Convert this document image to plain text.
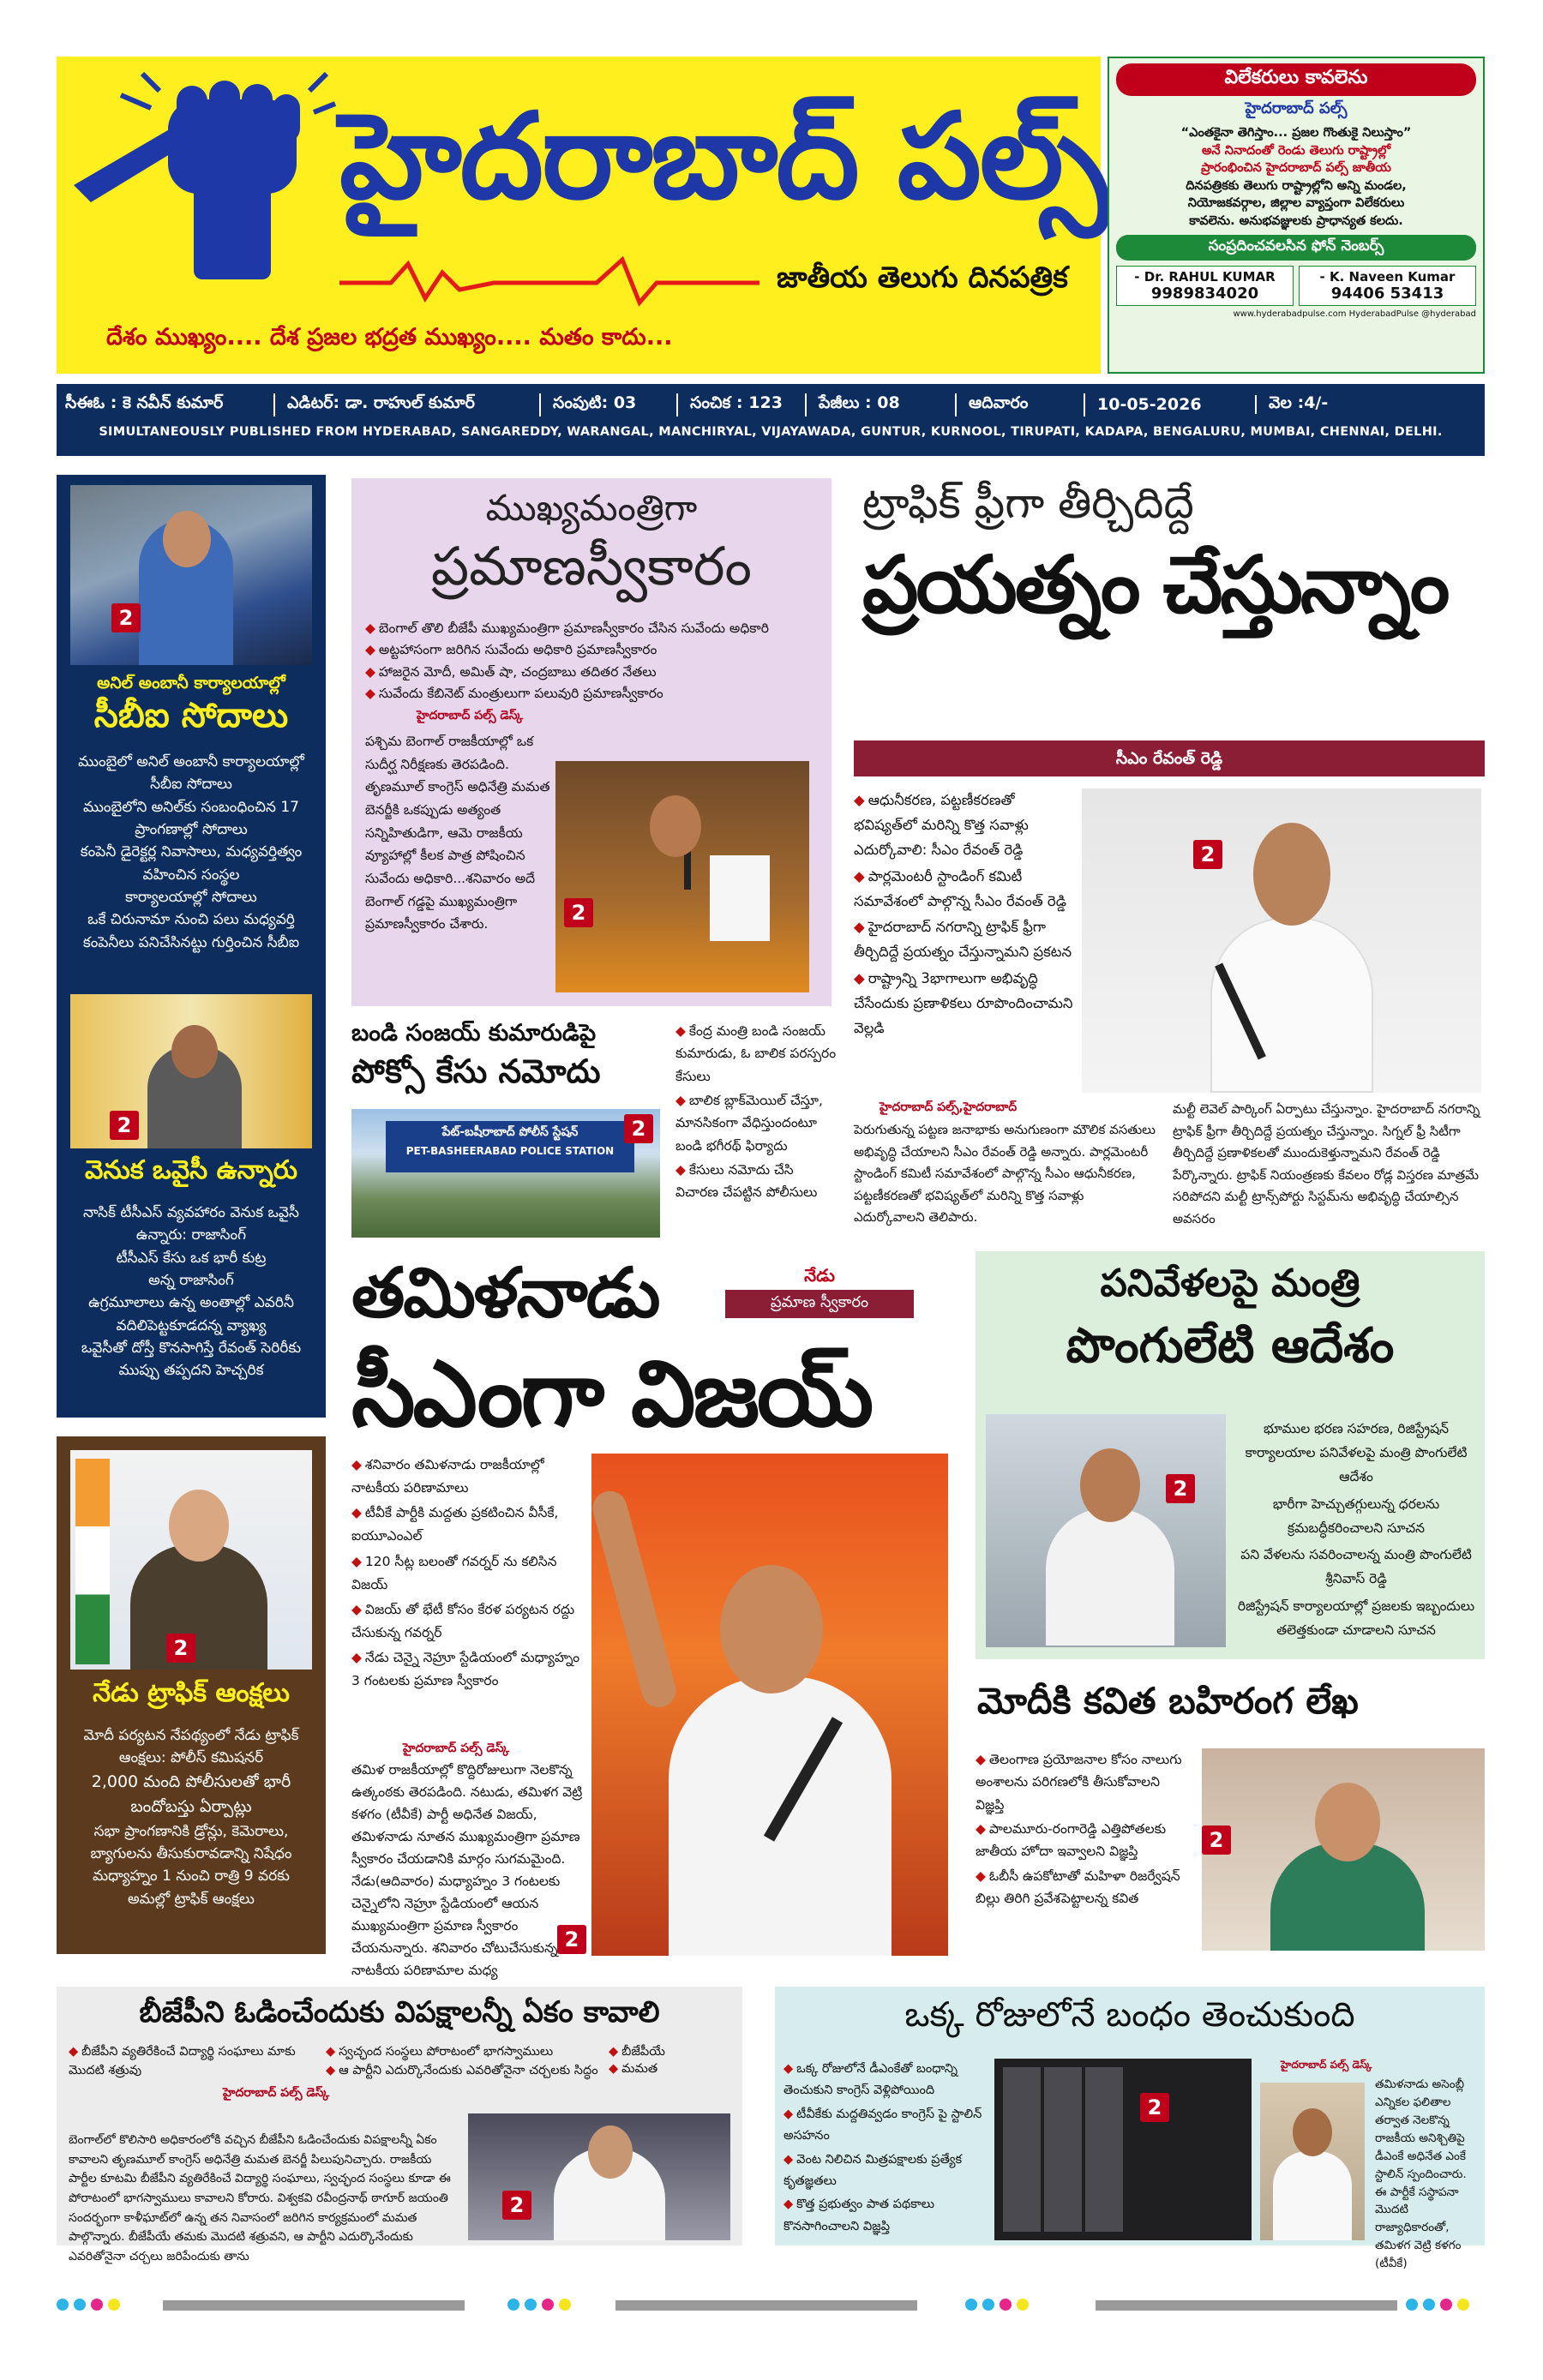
హైదరాబాద్ పల్స్
జాతీయ తెలుగు దినపత్రిక
దేశం ముఖ్యం.... దేశ ప్రజల భద్రత ముఖ్యం.... మతం కాదు...
విలేకరులు కావలెను
హైదరాబాద్ పల్స్
“ఎంతకైనా తెగిస్తాం... ప్రజల గొంతుకై నిలుస్తాం”
అనే నినాదంతో రెండు తెలుగు రాష్ట్రాల్లో
ప్రారంభించిన హైదరాబాద్ పల్స్ జాతీయ
దినపత్రికకు తెలుగు రాష్ట్రాల్లోని అన్ని మండల,
నియోజకవర్గాల, జిల్లాల వ్యాప్తంగా విలేకరులు
కావలెను. అనుభవజ్ఞులకు ప్రాధాన్యత కలదు.
సంప్రదించవలసిన ఫోన్ నెంబర్స్
- Dr. RAHUL KUMAR
9989834020
- K. Naveen Kumar
94406 53413
www.hyderabadpulse.com HyderabadPulse @hyderabad
సీఈఓ : కె నవీన్ కుమార్	ఎడిటర్: డా. రాహుల్ కుమార్	సంపుటి: 03	సంచిక : 123	పేజీలు : 08	ఆదివారం	10-05-2026	వెల :4/-
SIMULTANEOUSLY PUBLISHED FROM HYDERABAD, SANGAREDDY, WARANGAL, MANCHIRYAL, VIJAYAWADA, GUNTUR, KURNOOL, TIRUPATI, KADAPA, BENGALURU, MUMBAI, CHENNAI, DELHI.
2
అనిల్ అంబానీ కార్యాలయాల్లో
సీబీఐ సోదాలు
ముంబైలో అనిల్ అంబానీ కార్యాలయాల్లో
సీబీఐ సోదాలు
ముంబైలోని అనిల్‌కు సంబంధించిన 17
ప్రాంగణాల్లో సోదాలు
కంపెనీ డైరెక్టర్ల నివాసాలు, మధ్యవర్తిత్వం
వహించిన సంస్థల
కార్యాలయాల్లో సోదాలు
ఒకే చిరునామా నుంచి పలు మధ్యవర్తి
కంపెనీలు పనిచేసినట్టు గుర్తించిన సీబీఐ
2
వెనుక ఒవైసీ ఉన్నారు
నాసిక్ టీసీఎస్ వ్యవహారం వెనుక ఒవైసీ
ఉన్నారు: రాజాసింగ్
టీసీఎస్ కేసు ఒక భారీ కుట్ర
అన్న రాజాసింగ్
ఉగ్రమూలాలు ఉన్న అంతాల్లో ఎవరినీ
వదిలిపెట్టకూడదన్న వ్యాఖ్య
ఒవైసీతో దోస్తీ కొనసాగిస్తే రేవంత్ సెరిరీకు
ముప్పు తప్పదని హెచ్చరిక
2
నేడు ట్రాఫిక్ ఆంక్షలు
మోదీ పర్యటన నేపథ్యంలో నేడు ట్రాఫిక్
ఆంక్షలు: పోలీస్ కమిషనర్
2,000 మంది పోలీసులతో భారీ
బందోబస్తు ఏర్పాట్లు
సభా ప్రాంగణానికి డ్రోన్లు, కెమెరాలు,
బ్యాగులను తీసుకురావడాన్ని నిషేధం
మధ్యాహ్నం 1 నుంచి రాత్రి 9 వరకు
అమల్లో ట్రాఫిక్ ఆంక్షలు
ముఖ్యమంత్రిగా
ప్రమాణస్వీకారం
◆ బెంగాల్ తొలి బీజేపీ ముఖ్యమంత్రిగా ప్రమాణస్వీకారం చేసిన సువేందు అధికారి
◆ అట్టహాసంగా జరిగిన సువేందు అధికారి ప్రమాణస్వీకారం
◆ హాజరైన మోదీ, అమిత్ షా, చంద్రబాబు తదితర నేతలు
◆ సువేందు కేబినెట్ మంత్రులుగా పలువురి ప్రమాణస్వీకారం
హైదరాబాద్ పల్స్ డెస్క్
పశ్చిమ బెంగాల్ రాజకీయాల్లో ఒక సుదీర్ఘ నిరీక్షణకు తెరపడింది. తృణమూల్ కాంగ్రెస్ అధినేత్రి మమత బెనర్జీకి ఒకప్పుడు అత్యంత సన్నిహితుడిగా, ఆమె రాజకీయ వ్యూహాల్లో కీలక పాత్ర పోషించిన సువేందు అధికారి...శనివారం అదే బెంగాల్ గడ్డపై ముఖ్యమంత్రిగా ప్రమాణస్వీకారం చేశారు.	2
ట్రాఫిక్ ఫ్రీగా తీర్చిదిద్దే
ప్రయత్నం చేస్తున్నాం
సీఎం రేవంత్ రెడ్డి
◆ ఆధునీకరణ, పట్టణీకరణతో భవిష్యత్‌లో మరిన్ని కొత్త సవాళ్లు ఎదుర్కోవాలి: సీఎం రేవంత్ రెడ్డి
◆ పార్లమెంటరీ స్టాండింగ్ కమిటీ సమావేశంలో పాల్గొన్న సీఎం రేవంత్ రెడ్డి
◆ హైదరాబాద్ నగరాన్ని ట్రాఫిక్ ఫ్రీగా తీర్చిదిద్దే ప్రయత్నం చేస్తున్నామని ప్రకటన
◆ రాష్ట్రాన్ని 3భాగాలుగా అభివృద్ధి చేసేందుకు ప్రణాళికలు రూపొందించామని వెల్లడి
2
హైదరాబాద్ పల్స్,హైదరాబాద్
పెరుగుతున్న పట్టణ జనాభాకు అనుగుణంగా మౌలిక వసతులు అభివృద్ధి చేయాలని సీఎం రేవంత్ రెడ్డి అన్నారు. పార్లమెంటరీ స్టాండింగ్ కమిటీ సమావేశంలో పాల్గొన్న సీఎం ఆధునీకరణ, పట్టణీకరణతో భవిష్యత్‌లో మరిన్ని కొత్త సవాళ్లు ఎదుర్కోవాలని తెలిపారు.
మల్టీ లెవెల్ పార్కింగ్ ఏర్పాటు చేస్తున్నాం. హైదరాబాద్ నగరాన్ని ట్రాఫిక్ ఫ్రీగా తీర్చిదిద్దే ప్రయత్నం చేస్తున్నాం. సిగ్నల్ ఫ్రీ సిటీగా తీర్చిదిద్దే ప్రణాళికలతో ముందుకెళ్తున్నామని రేవంత్ రెడ్డి పేర్కొన్నారు. ట్రాఫిక్ నియంత్రణకు కేవలం రోడ్ల విస్తరణ మాత్రమే సరిపోదని మల్టీ ట్రాన్స్‌పోర్టు సిస్టమ్‌ను అభివృద్ధి చేయాల్సిన అవసరం
బండి సంజయ్ కుమారుడిపై
పోక్సో కేసు నమోదు
పేట్-బషీరాబాద్ పోలీస్ స్టేషన్
PET-BASHEERABAD POLICE STATION
2
◆ కేంద్ర మంత్రి బండి సంజయ్ కుమారుడు, ఓ బాలిక పరస్పరం కేసులు
◆ బాలిక బ్లాక్‌మెయిల్ చేస్తూ, మానసికంగా వేధిస్తుందంటూ బండి భగీరథ్ ఫిర్యాదు
◆ కేసులు నమోదు చేసి విచారణ చేపట్టిన పోలీసులు
తమిళనాడు
సీఎంగా విజయ్
నేడు
ప్రమాణ స్వీకారం
◆ శనివారం తమిళనాడు రాజకీయాల్లో నాటకీయ పరిణామాలు
◆ టీవీకే పార్టీకి మద్దతు ప్రకటించిన వీసీకే, ఐయూఎంఎల్
◆ 120 సీట్ల బలంతో గవర్నర్ ను కలిసిన విజయ్
◆ విజయ్ తో భేటీ కోసం కేరళ పర్యటన రద్దు చేసుకున్న గవర్నర్
◆ నేడు చెన్నై నెహ్రూ స్టేడియంలో మధ్యాహ్నం 3 గంటలకు ప్రమాణ స్వీకారం
హైదరాబాద్ పల్స్ డెస్క్
తమిళ రాజకీయాల్లో కొద్దిరోజులుగా నెలకొన్న ఉత్కంఠకు తెరపడింది. నటుడు, తమిళగ వెట్రి కళగం (టీవీకే) పార్టీ అధినేత విజయ్, తమిళనాడు నూతన ముఖ్యమంత్రిగా ప్రమాణ స్వీకారం చేయడానికి మార్గం సుగమమైంది. నేడు(ఆదివారం) మధ్యాహ్నం 3 గంటలకు చెన్నైలోని నెహ్రూ స్టేడియంలో ఆయన ముఖ్యమంత్రిగా ప్రమాణ స్వీకారం చేయనున్నారు. శనివారం చోటుచేసుకున్న నాటకీయ పరిణామాల మధ్య
2
పనివేళలపై మంత్రి
పొంగులేటి ఆదేశం
2
భూముల భరణ సహరణ, రిజిస్ట్రేషన్ కార్యాలయాల పనివేళలపై మంత్రి పొంగులేటి ఆదేశం
భారీగా హెచ్చుతగ్గులున్న ధరలను క్రమబద్ధీకరించాలని సూచన
పని వేళలను సవరించాలన్న మంత్రి పొంగులేటి శ్రీనివాస్ రెడ్డి
రిజిస్ట్రేషన్ కార్యాలయాల్లో ప్రజలకు ఇబ్బందులు తలెత్తకుండా చూడాలని సూచన
మోదీకి కవిత బహిరంగ లేఖ
◆ తెలంగాణ ప్రయోజనాల కోసం నాలుగు అంశాలను పరిగణలోకి తీసుకోవాలని విజ్ఞప్తి
◆ పాలమూరు-రంగారెడ్డి ఎత్తిపోతలకు జాతీయ హోదా ఇవ్వాలని విజ్ఞప్తి
◆ ఓబీసీ ఉపకోటాతో మహిళా రిజర్వేషన్ బిల్లు తిరిగి ప్రవేశపెట్టాలన్న కవిత
2
బీజేపీని ఓడించేందుకు విపక్షాలన్నీ ఏకం కావాలి
◆ బీజేపీని వ్యతిరేకించే విద్యార్థి సంఘాలు మాకు మొదటి శత్రువు
◆ స్వచ్ఛంద సంస్థలు పోరాటంలో భాగస్వాములు	◆ బీజేపీయే
◆ ఆ పార్టీని ఎదుర్కొనేందుకు ఎవరితోనైనా చర్చలకు సిద్ధం	◆ మమత
హైదరాబాద్ పల్స్ డెస్క్
బెంగాల్‌లో కొలిసారి అధికారంలోకి వచ్చిన బీజేపీని ఓడించేందుకు విపక్షాలన్నీ ఏకం కావాలని తృణమూల్ కాంగ్రెస్ అధినేత్రి మమత బెనర్జీ పిలుపునిచ్చారు. రాజకీయ పార్టీల కూటమి బీజేపీని వ్యతిరేకించే విద్యార్థి సంఘాలు, స్వచ్ఛంద సంస్థలు కూడా ఈ పోరాటంలో భాగస్వాములు కావాలని కోరారు. విశ్వకవి రవీంద్రనాథ్ ఠాగూర్ జయంతి సందర్భంగా కాళీఘాట్‌లో ఉన్న తన నివాసంలో జరిగిన కార్యక్రమంలో మమత పాల్గొన్నారు. బీజేపీయే తమకు మొదటి శత్రువని, ఆ పార్టీని ఎదుర్కొనేందుకు ఎవరితోనైనా చర్చలు జరిపేందుకు తాను
2
ఒక్క రోజులోనే బంధం తెంచుకుంది
◆ ఒక్క రోజులోనే డీఎంకేతో బంధాన్ని తెంచుకుని కాంగ్రెస్ వెళ్లిపోయింది
◆ టీవీకేకు మద్దతివ్వడం కాంగ్రెస్ పై స్టాలిన్ అసహనం
◆ వెంట నిలిచిన మిత్రపక్షాలకు ప్రత్యేక కృతజ్ఞతలు
◆ కొత్త ప్రభుత్వం పాత పథకాలు కొనసాగించాలని విజ్ఞప్తి
2
హైదరాబాద్ పల్స్ డెస్క్
తమిళనాడు అసెంబ్లీ ఎన్నికల ఫలితాల తర్వాత నెలకొన్న రాజకీయ అనిశ్చితిపై డీఎంకే అధినేత ఎంకే స్టాలిన్ స్పందించారు. ఈ పార్టీకే సస్థాపనా మొదటి రాజ్యాధికారంతో, తమిళగ వెట్రి కళగం (టీవీకే)
